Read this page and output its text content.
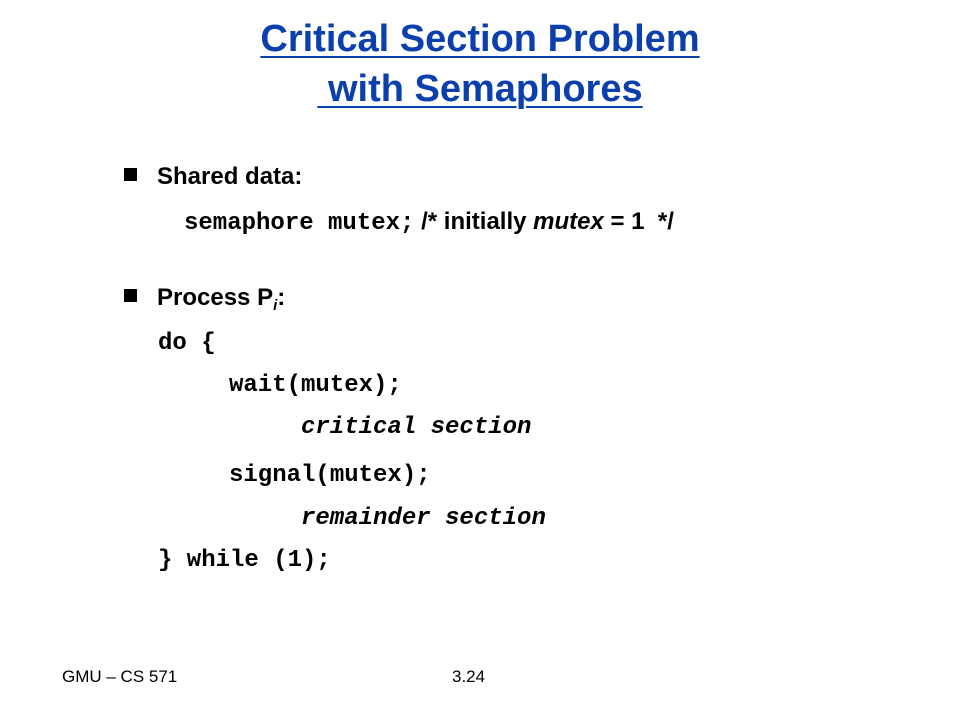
Critical Section Problem
with Semaphores
Shared data:
semaphore mutex; /* initially mutex = 1  */
Process $P_i$:
do {
wait(mutex);
critical section
signal(mutex);
remainder section
} while (1);
GMU – CS 571	3.24
